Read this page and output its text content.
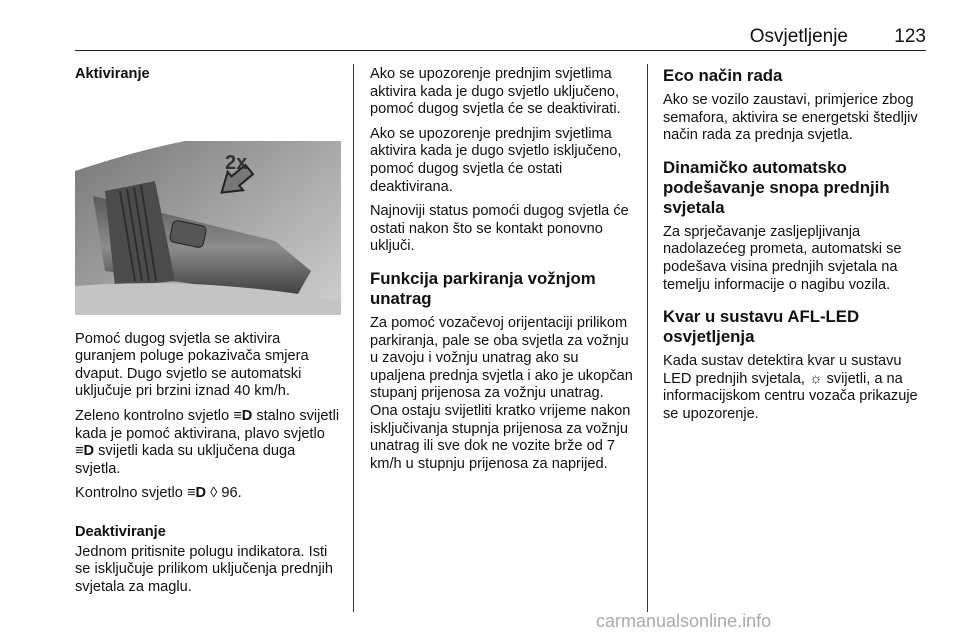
Osvjetljenje 123
Aktiviranje
2x

Pomoć dugog svjetla se aktivira guranjem poluge pokazivača smjera dvaput. Dugo svjetlo se automatski uključuje pri brzini iznad 40 km/h.

Zeleno kontrolno svjetlo ≡D stalno svijetli kada je pomoć aktivirana, plavo svjetlo ≡D svijetli kada su uključena duga svjetla.

Kontrolno svjetlo ≡D ◊ 96.

Deaktiviranje

Jednom pritisnite polugu indikatora. Isti se isključuje prilikom uključenja prednjih svjetala za maglu.

Ako se upozorenje prednjim svjetlima aktivira kada je dugo svjetlo uključeno, pomoć dugog svjetla će se deaktivirati.

Ako se upozorenje prednjim svjetlima aktivira kada je dugo svjetlo isključeno, pomoć dugog svjetla će ostati deaktivirana.

Najnoviji status pomoći dugog svjetla će ostati nakon što se kontakt ponovno uključi.

Funkcija parkiranja vožnjom unatrag

Za pomoć vozačevoj orijentaciji prilikom parkiranja, pale se oba svjetla za vožnju u zavoju i vožnju unatrag ako su upaljena prednja svjetla i ako je ukopčan stupanj prijenosa za vožnju unatrag. Ona ostaju svijetliti kratko vrijeme nakon isključivanja stupnja prijenosa za vožnju unatrag ili sve dok ne vozite brže od 7 km/h u stupnju prijenosa za naprijed.

Eco način rada

Ako se vozilo zaustavi, primjerice zbog semafora, aktivira se energetski štedljiv način rada za prednja svjetla.

Dinamičko automatsko podešavanje snopa prednjih svjetala

Za sprječavanje zasljepljivanja nadolazećeg prometa, automatski se podešava visina prednjih svjetala na temelju informacije o nagibu vozila.

Kvar u sustavu AFL-LED osvjetljenja

Kada sustav detektira kvar u sustavu LED prednjih svjetala, ☼ svijetli, a na informacijskom centru vozača prikazuje se upozorenje.

carmanualsonline.info
